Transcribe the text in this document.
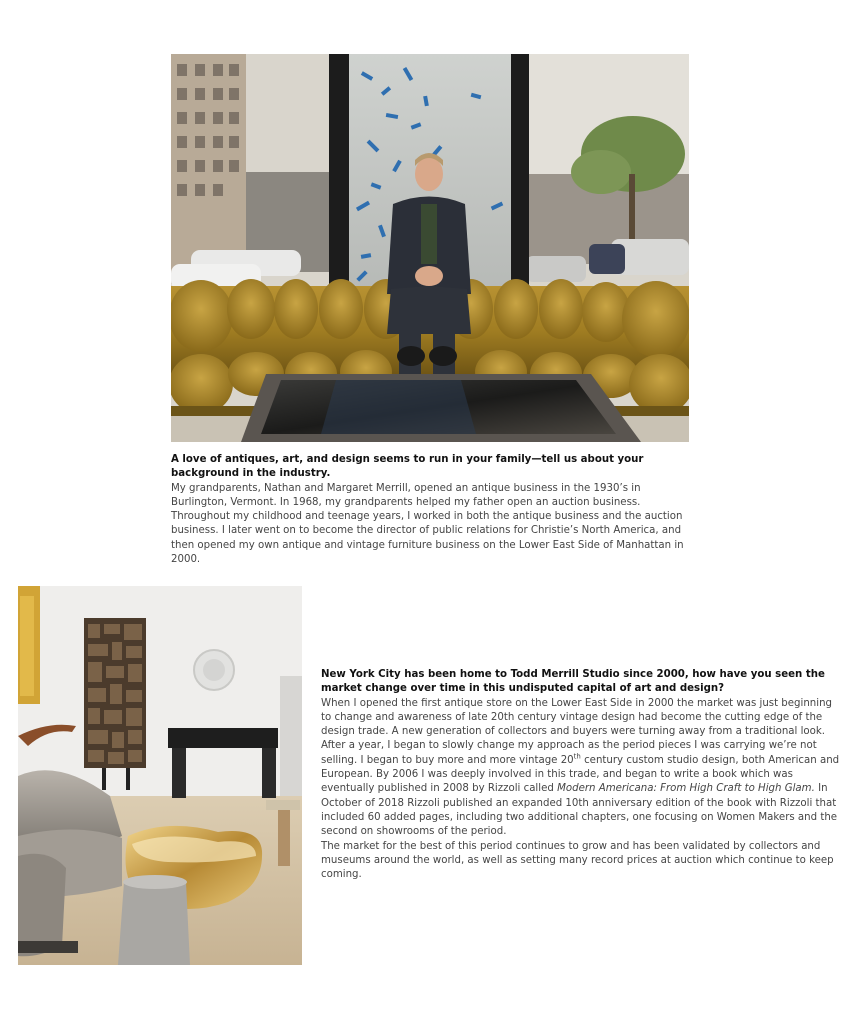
A love of antiques, art, and design seems to run in your family—tell us about your background in the industry.

My grandparents, Nathan and Margaret Merrill, opened an antique business in the 1930’s in Burlington, Vermont. In 1968, my grandparents helped my father open an auction business. Throughout my childhood and teenage years, I worked in both the antique business and the auction business. I later went on to become the director of public relations for Christie’s North America, and then opened my own antique and vintage furniture business on the Lower East Side of Manhattan in 2000.

New York City has been home to Todd Merrill Studio since 2000, how have you seen the market change over time in this undisputed capital of art and design?

When I opened the first antique store on the Lower East Side in 2000 the market was just beginning to change and awareness of late 20th century vintage design had become the cutting edge of the design trade. A new generation of collectors and buyers were turning away from a traditional look. After a year, I began to slowly change my approach as the period pieces I was carrying we’re not selling. I began to buy more and more vintage 20th century custom studio design, both American and European. By 2006 I was deeply involved in this trade, and began to write a book which was eventually published in 2008 by Rizzoli called Modern Americana: From High Craft to High Glam. In October of 2018 Rizzoli published an expanded 10th anniversary edition of the book with Rizzoli that included 60 added pages, including two additional chapters, one focusing on Women Makers and the second on showrooms of the period.

The market for the best of this period continues to grow and has been validated by collectors and museums around the world, as well as setting many record prices at auction which continue to keep coming.
